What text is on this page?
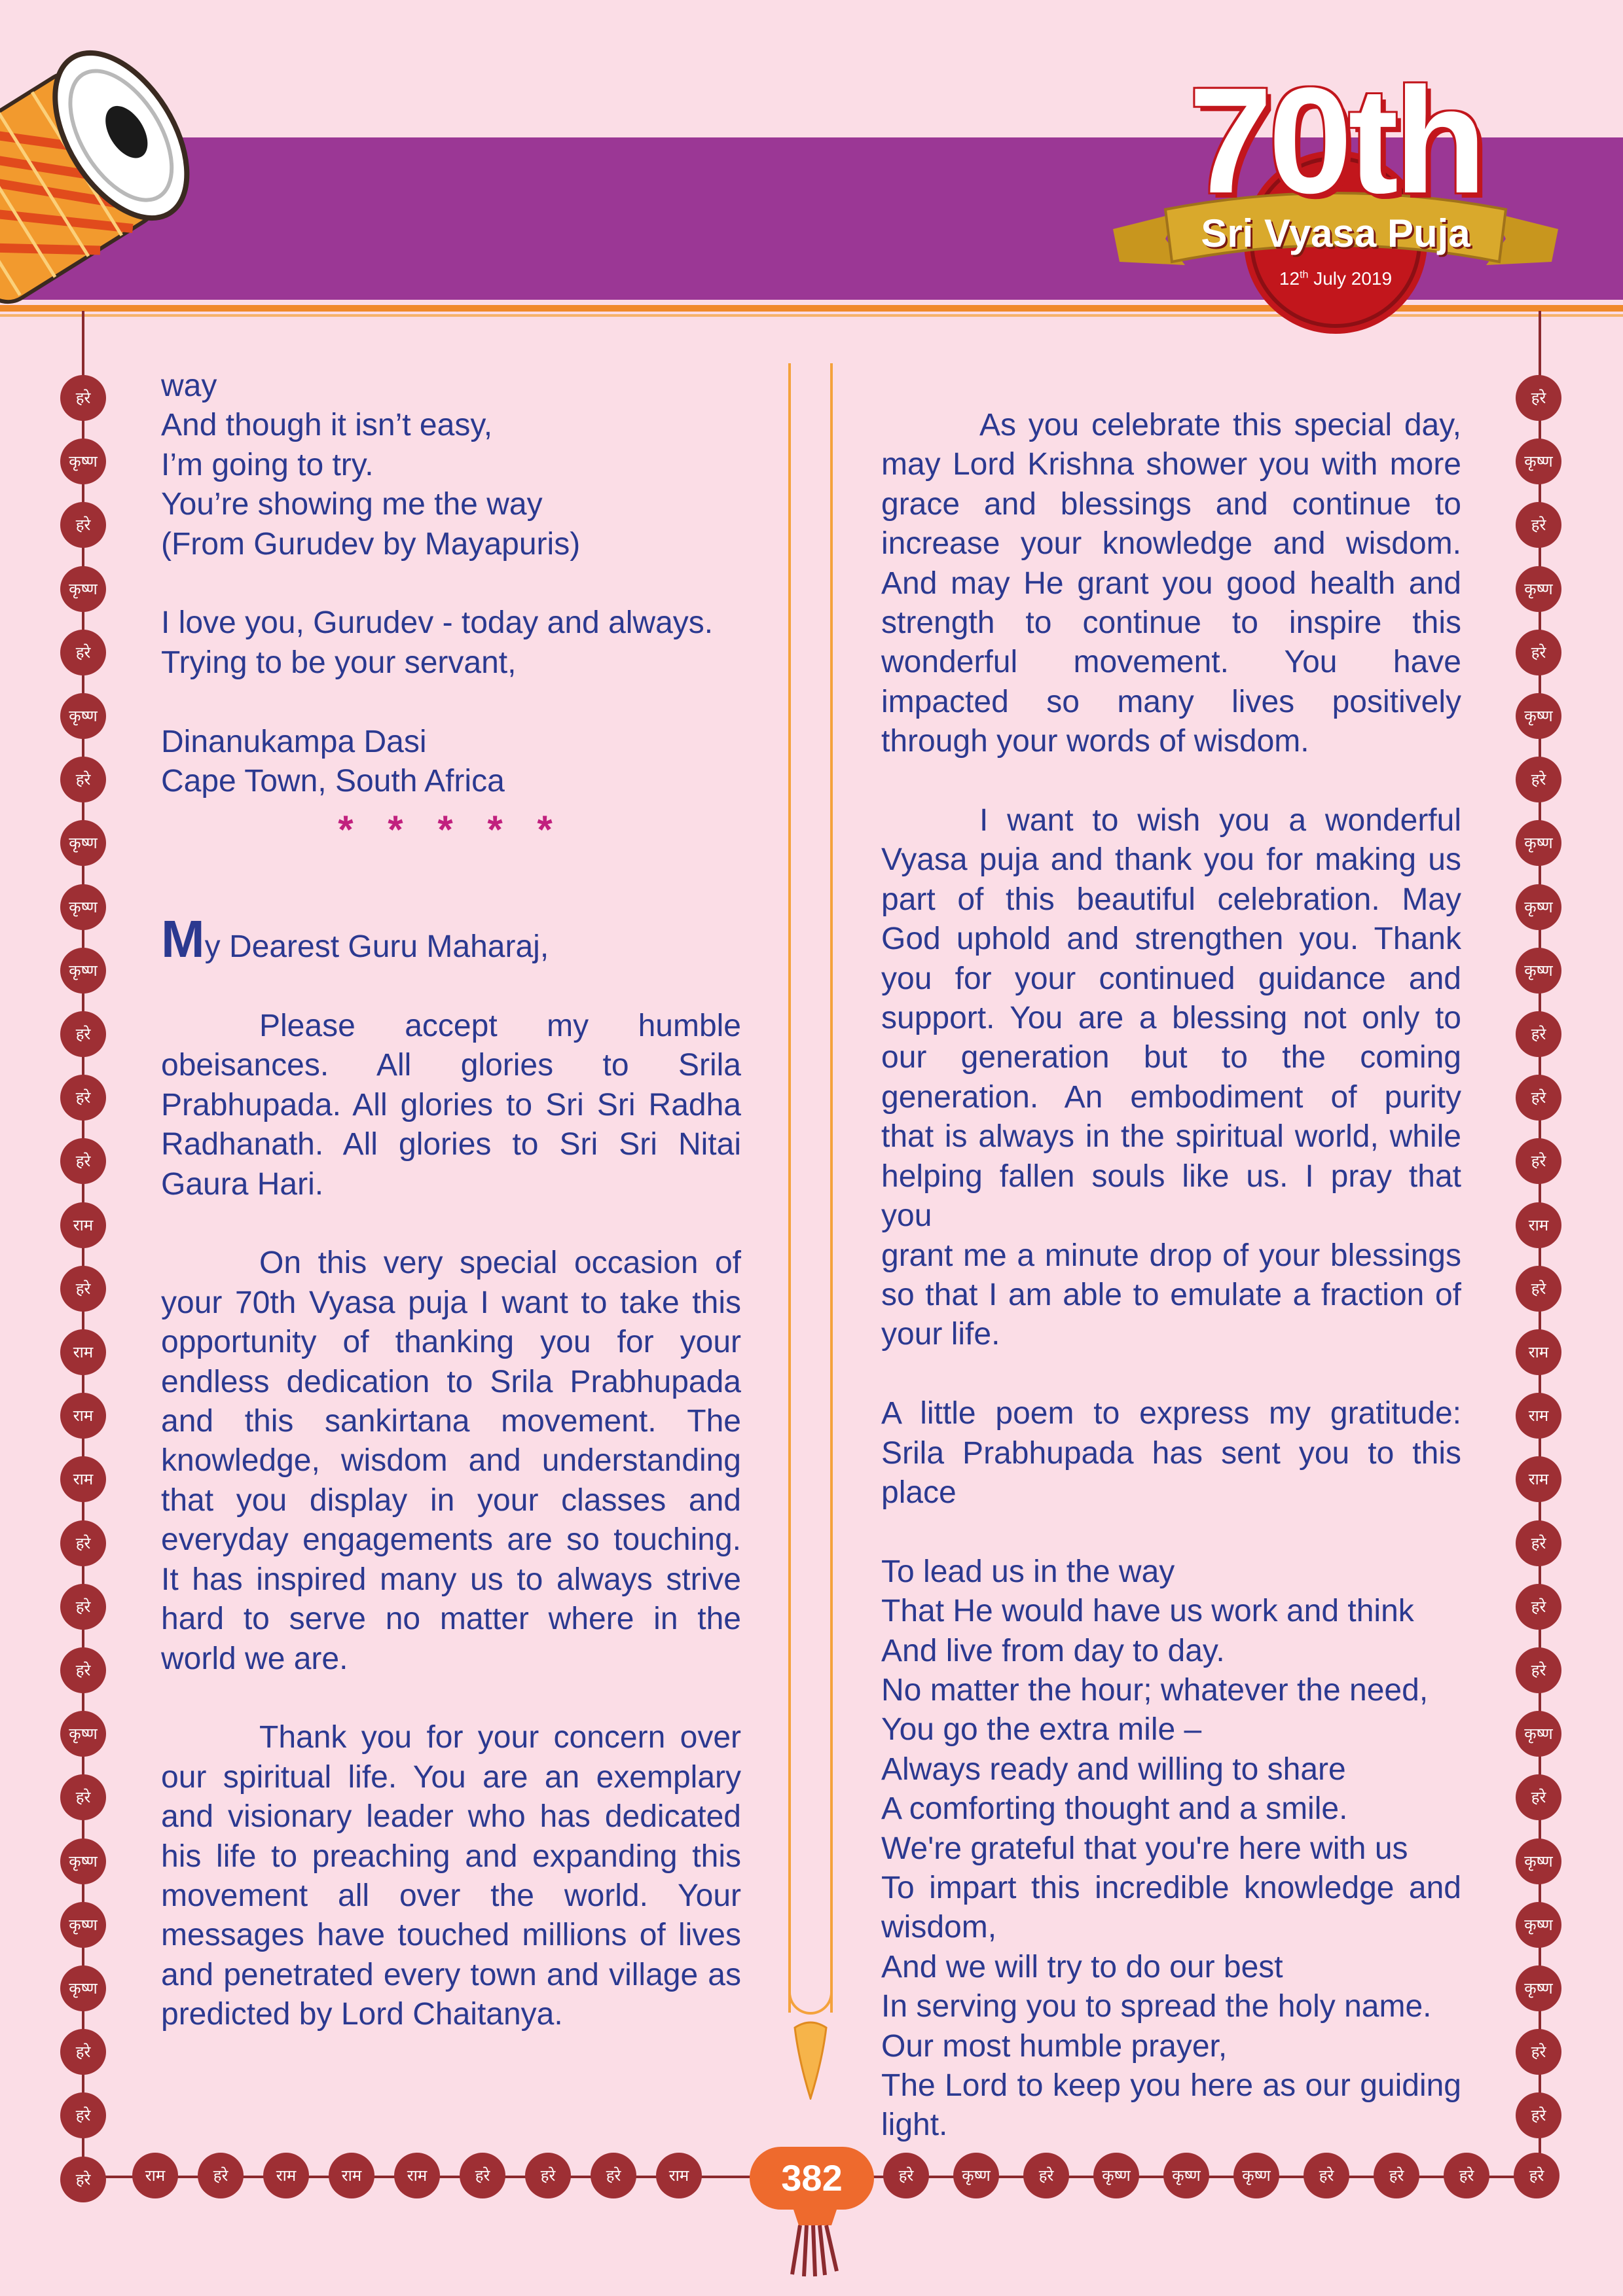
70th
Sri Vyasa Puja
12th July 2019
हरे
कृष्ण
हरे
कृष्ण
हरे
कृष्ण
हरे
कृष्ण
कृष्ण
कृष्ण
हरे
हरे
हरे
राम
हरे
राम
राम
राम
हरे
हरे
हरे
कृष्ण
हरे
कृष्ण
कृष्ण
कृष्ण
हरे
हरे
हरे
हरे
कृष्ण
हरे
कृष्ण
हरे
कृष्ण
हरे
कृष्ण
कृष्ण
कृष्ण
हरे
हरे
हरे
राम
हरे
राम
राम
राम
हरे
हरे
हरे
कृष्ण
हरे
कृष्ण
कृष्ण
कृष्ण
हरे
हरे
राम	हरे	राम	राम	राम	हरे	हरे	हरे	राम	हरे	कृष्ण	हरे	कृष्ण	कृष्ण	कृष्ण	हरे	हरे	हरे	हरे
382

way

And though it isn’t easy,

I’m going to try.

You’re showing me the way

(From Gurudev by Mayapuris)

I love you, Gurudev - today and always.

Trying to be your servant,

Dinanukampa Dasi

Cape Town, South Africa

* * * * *

My Dearest Guru Maharaj,

Please accept my humble

obeisances. All glories to Srila

Prabhupada. All glories to Sri Sri Radha

Radhanath. All glories to Sri Sri Nitai

Gaura Hari.

On this very special occasion of

your 70th Vyasa puja I want to take this

opportunity of thanking you for your

endless dedication to Srila Prabhupada

and this sankirtana movement. The

knowledge, wisdom and understanding

that you display in your classes and

everyday engagements are so touching.

It has inspired many us to always strive

hard to serve no matter where in the

world we are.

Thank you for your concern over

our spiritual life. You are an exemplary

and visionary leader who has dedicated

his life to preaching and expanding this

movement all over the world. Your

messages have touched millions of lives

and penetrated every town and village as

predicted by Lord Chaitanya.

As you celebrate this special day,

may Lord Krishna shower you with more

grace and blessings and continue to

increase your knowledge and wisdom.

And may He grant you good health and

strength to continue to inspire this

wonderful movement. You have

impacted so many lives positively

through your words of wisdom.

I want to wish you a wonderful

Vyasa puja and thank you for making us

part of this beautiful celebration. May

God uphold and strengthen you. Thank

you for your continued guidance and

support. You are a blessing not only to

our generation but to the coming

generation. An embodiment of purity

that is always in the spiritual world, while

helping fallen souls like us. I pray that you

grant me a minute drop of your blessings

so that I am able to emulate a fraction of

your life.

A little poem to express my gratitude:

Srila Prabhupada has sent you to this

place

To lead us in the way

That He would have us work and think

And live from day to day.

No matter the hour; whatever the need,

You go the extra mile –

Always ready and willing to share

A comforting thought and a smile.

We're grateful that you're here with us

To impart this incredible knowledge and

wisdom,

And we will try to do our best

In serving you to spread the holy name.

Our most humble prayer,

The Lord to keep you here as our guiding

light.
